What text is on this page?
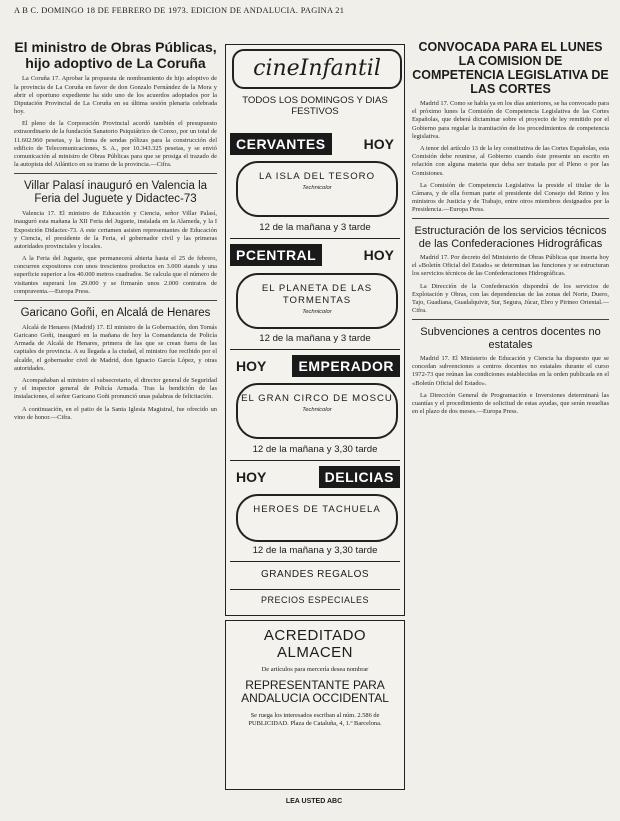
A B C. DOMINGO 18 DE FEBRERO DE 1973. EDICION DE ANDALUCIA. PAGINA 21
El ministro de Obras Públicas, hijo adoptivo de La Coruña

La Coruña 17. Aprobar la propuesta de nombramiento de hijo adoptivo de la provincia de La Coruña en favor de don Gonzalo Fernández de la Mora y abrir el oportuno expediente ha sido uno de los acuerdos adoptados por la Diputación Provincial de La Coruña en su última sesión plenaria celebrada hoy.

El pleno de la Corporación Provincial acordó también el presupuesto extraordinario de la fundación Sanatorio Psiquiátrico de Conxo, por un total de 11.602.960 pesetas, y la firma de sendas pólizas para la construcción del edificio de Telecomunicaciones, S. A., por 10.343.325 pesetas, y se envió comunicación al ministro de Obras Públicas para que se prosiga el trazado de la autopista del Atlántico en su tramo de la provincia.—Cifra.

Villar Palasí inauguró en Valencia la Feria del Juguete y Didactec-73

Valencia 17. El ministro de Educación y Ciencia, señor Villar Palasí, inauguró esta mañana la XII Feria del Juguete, instalada en la Alameda, y la I Exposición Didactec-73. A este certamen asisten representantes de Educación y Ciencia, el presidente de la Feria, el gobernador civil y las primeras autoridades provinciales y locales.

A la Feria del Juguete, que permanecerá abierta hasta el 25 de febrero, concurren expositores con unos trescientos productos en 3.000 stands y una superficie superior a los 40.000 metros cuadrados. Se calcula que el número de visitantes superará los 29.000 y se firmarán unos 2.000 contratos de compraventa.—Europa Press.

Garicano Goñi, en Alcalá de Henares

Alcalá de Henares (Madrid) 17. El ministro de la Gobernación, don Tomás Garicano Goñi, inauguró en la mañana de hoy la Comandancia de Policía Armada de Alcalá de Henares, primera de las que se crean fuera de las capitales de provincia. A su llegada a la ciudad, el ministro fue recibido por el alcalde, el gobernador civil de Madrid, don Ignacio García López, y otras autoridades.

Acompañaban al ministro el subsecretario, el director general de Seguridad y el inspector general de Policía Armada. Tras la bendición de las instalaciones, el señor Garicano Goñi pronunció unas palabras de felicitación.

A continuación, en el patio de la Santa Iglesia Magistral, fue ofrecido un vino de honor.—Cifra.

cineInfantil
TODOS LOS DOMINGOS Y DIAS FESTIVOS
CERVANTES	HOY
LA ISLA DEL TESORO
Technicolor
12 de la mañana y 3 tarde
PCENTRAL	HOY
EL PLANETA DE LAS TORMENTAS
Technicolor
12 de la mañana y 3 tarde
HOY	EMPERADOR
EL GRAN CIRCO DE MOSCU
Technicolor
12 de la mañana y 3,30 tarde
HOY	DELICIAS
HEROES DE TACHUELA
12 de la mañana y 3,30 tarde
GRANDES REGALOS
PRECIOS ESPECIALES
ACREDITADO ALMACEN
De artículos para mercería desea nombrar
REPRESENTANTE PARA ANDALUCIA OCCIDENTAL
Se ruega los interesados escriban al núm. 2.586 de PUBLICIDAD. Plaza de Cataluña, 4, 1.º Barcelona.
LEA USTED ABC
CONVOCADA PARA EL LUNES LA COMISION DE COMPETENCIA LEGISLATIVA DE LAS CORTES

Madrid 17. Como se habla ya en los días anteriores, se ha convocado para el próximo lunes la Comisión de Competencia Legislativa de las Cortes Españolas, que deberá dictaminar sobre el proyecto de ley remitido por el Gobierno para regular la tramitación de los procedimientos de competencia legislativa.

A tenor del artículo 13 de la ley constitutiva de las Cortes Españolas, esta Comisión debe reunirse, al Gobierno cuando éste presente un escrito en relación con alguna materia que deba ser tratada por el Pleno o por las Comisiones.

La Comisión de Competencia Legislativa la preside el titular de la Cámara, y de ella forman parte el presidente del Consejo del Reino y los ministros de Justicia y de Trabajo, entre otros miembros designados por la Presidencia.—Europa Press.

Estructuración de los servicios técnicos de las Confederaciones Hidrográficas

Madrid 17. Por decreto del Ministerio de Obras Públicas que inserta hoy el «Boletín Oficial del Estado» se determinan las funciones y se estructuran los servicios técnicos de las Confederaciones Hidrográficas.

La Dirección de la Confederación dispondrá de los servicios de Explotación y Obras, con las dependencias de las zonas del Norte, Duero, Tajo, Guadiana, Guadalquivir, Sur, Segura, Júcar, Ebro y Pirineo Oriental.—Cifra.

Subvenciones a centros docentes no estatales

Madrid 17. El Ministerio de Educación y Ciencia ha dispuesto que se concedan subvenciones a centros docentes no estatales durante el curso 1972-73 que reúnan las condiciones establecidas en la orden publicada en el «Boletín Oficial del Estado».

La Dirección General de Programación e Inversiones determinará las cuantías y el procedimiento de solicitud de estas ayudas, que serán resueltas en el plazo de dos meses.—Europa Press.
